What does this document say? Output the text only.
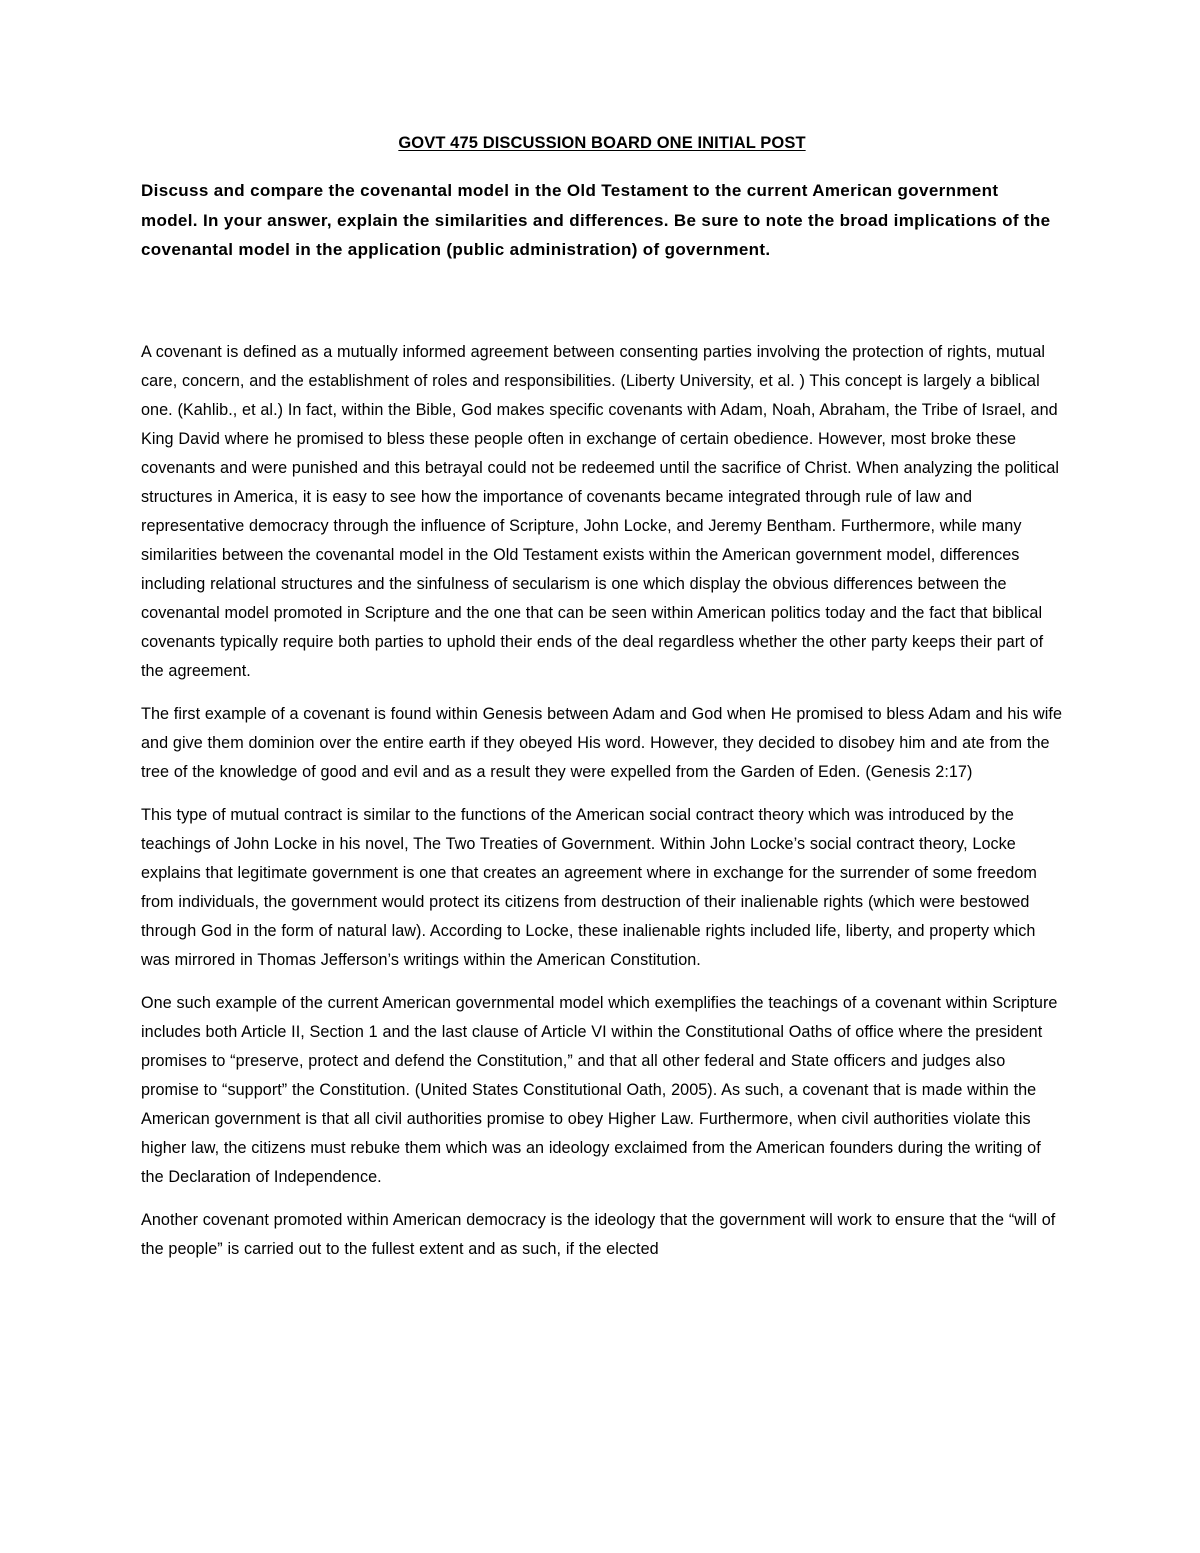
GOVT 475 DISCUSSION BOARD ONE INITIAL POST

Discuss and compare the covenantal model in the Old Testament to the current American government model. In your answer, explain the similarities and differences. Be sure to note the broad implications of the covenantal model in the application (public administration) of government.

A covenant is defined as a mutually informed agreement between consenting parties involving the protection of rights, mutual care, concern, and the establishment of roles and responsibilities. (Liberty University, et al. ) This concept is largely a biblical one. (Kahlib., et al.) In fact, within the Bible, God makes specific covenants with Adam, Noah, Abraham, the Tribe of Israel, and King David where he promised to bless these people often in exchange of certain obedience. However, most broke these covenants and were punished and this betrayal could not be redeemed until the sacrifice of Christ. When analyzing the political structures in America, it is easy to see how the importance of covenants became integrated through rule of law and representative democracy through the influence of Scripture, John Locke, and Jeremy Bentham. Furthermore, while many similarities between the covenantal model in the Old Testament exists within the American government model, differences including relational structures and the sinfulness of secularism is one which display the obvious differences between the covenantal model promoted in Scripture and the one that can be seen within American politics today and the fact that biblical covenants typically require both parties to uphold their ends of the deal regardless whether the other party keeps their part of the agreement.

The first example of a covenant is found within Genesis between Adam and God when He promised to bless Adam and his wife and give them dominion over the entire earth if they obeyed His word. However, they decided to disobey him and ate from the tree of the knowledge of good and evil and as a result they were expelled from the Garden of Eden. (Genesis 2:17)

This type of mutual contract is similar to the functions of the American social contract theory which was introduced by the teachings of John Locke in his novel, The Two Treaties of Government. Within John Locke’s social contract theory, Locke explains that legitimate government is one that creates an agreement where in exchange for the surrender of some freedom from individuals, the government would protect its citizens from destruction of their inalienable rights (which were bestowed through God in the form of natural law). According to Locke, these inalienable rights included life, liberty, and property which was mirrored in Thomas Jefferson’s writings within the American Constitution.

One such example of the current American governmental model which exemplifies the teachings of a covenant within Scripture includes both Article II, Section 1 and the last clause of Article VI within the Constitutional Oaths of office where the president promises to “preserve, protect and defend the Constitution,” and that all other federal and State officers and judges also promise to “support” the Constitution. (United States Constitutional Oath, 2005). As such, a covenant that is made within the American government is that all civil authorities promise to obey Higher Law. Furthermore, when civil authorities violate this higher law, the citizens must rebuke them which was an ideology exclaimed from the American founders during the writing of the Declaration of Independence.

Another covenant promoted within American democracy is the ideology that the government will work to ensure that the “will of the people” is carried out to the fullest extent and as such, if the elected
